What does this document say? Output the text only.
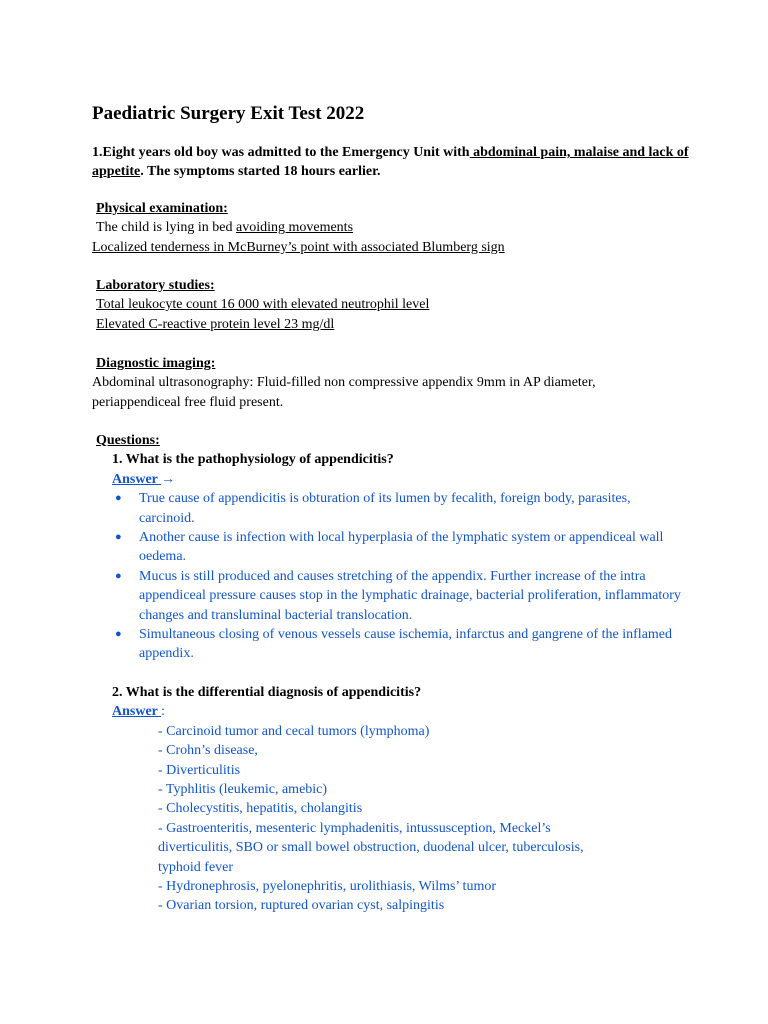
Paediatric Surgery Exit Test 2022
1.Eight years old boy was admitted to the Emergency Unit with abdominal pain, malaise and lack of appetite. The symptoms started 18 hours earlier.
Physical examination:
The child is lying in bed avoiding movements
Localized tenderness in McBurney’s point with associated Blumberg sign
Laboratory studies:
Total leukocyte count 16 000 with elevated neutrophil level
Elevated C-reactive protein level 23 mg/dl
Diagnostic imaging:
Abdominal ultrasonography: Fluid-filled non compressive appendix 9mm in AP diameter, periappendiceal free fluid present.
Questions:
1. What is the pathophysiology of appendicitis?
Answer →
● True cause of appendicitis is obturation of its lumen by fecalith, foreign body, parasites, carcinoid.
● Another cause is infection with local hyperplasia of the lymphatic system or appendiceal wall oedema.
● Mucus is still produced and causes stretching of the appendix. Further increase of the intra appendiceal pressure causes stop in the lymphatic drainage, bacterial proliferation, inflammatory changes and transluminal bacterial translocation.
● Simultaneous closing of venous vessels cause ischemia, infarctus and gangrene of the inflamed appendix.
2. What is the differential diagnosis of appendicitis?
Answer :
- Carcinoid tumor and cecal tumors (lymphoma)
- Crohn’s disease,
- Diverticulitis
- Typhlitis (leukemic, amebic)
- Cholecystitis, hepatitis, cholangitis
- Gastroenteritis, mesenteric lymphadenitis, intussusception, Meckel’s
diverticulitis, SBO or small bowel obstruction, duodenal ulcer, tuberculosis,
typhoid fever
- Hydronephrosis, pyelonephritis, urolithiasis, Wilms’ tumor
- Ovarian torsion, ruptured ovarian cyst, salpingitis
